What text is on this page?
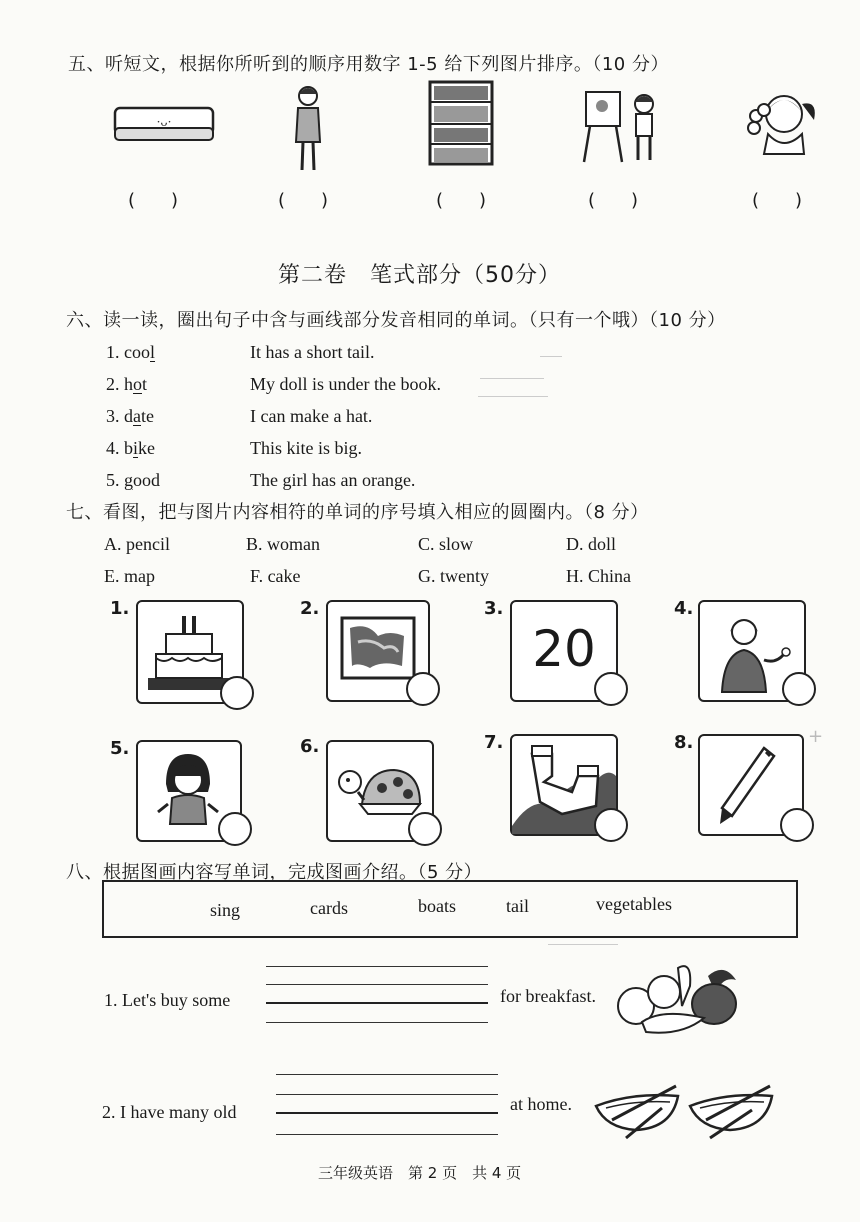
五、听短文，根据你所听到的顺序用数字 1-5 给下列图片排序。（10 分）
·ᴗ·
(　　)	(　　)	(　　)	(　　)	(　　)
第二卷　笔式部分（50分）
六、读一读，圈出句子中含与画线部分发音相同的单词。（只有一个哦）（10 分）
1. cool	It has a short tail.
2. hot	My doll is under the book.
3. date	I can make a hat.
4. bike	This kite is big.
5. good	The girl has an orange.
七、看图，把与图片内容相符的单词的序号填入相应的圆圈内。（8 分）
A. pencil	B. woman	C. slow	D. doll
E. map	F. cake	G. twenty	H. China
1.	2.	3.
20
4.
5.	6.	7.	8.	+
八、根据图画内容写单词，完成图画介绍。（5 分）
sing	cards	boats	tail	vegetables
1. Let's buy some	for breakfast.
2. I have many old	at home.
三年级英语　第 2 页　共 4 页
